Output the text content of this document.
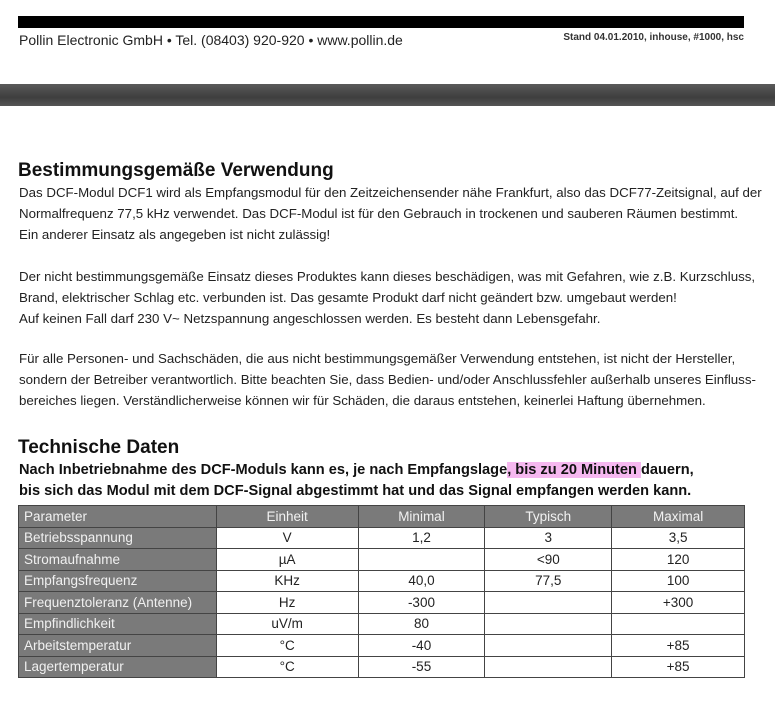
Pollin Electronic GmbH • Tel. (08403) 920-920 • www.pollin.de	Stand 04.01.2010, inhouse, #1000, hsc
Bestimmungsgemäße Verwendung
Das DCF-Modul DCF1 wird als Empfangsmodul für den Zeitzeichensender nähe Frankfurt, also das DCF77-Zeitsignal, auf der
Normalfrequenz 77,5 kHz verwendet. Das DCF-Modul ist für den Gebrauch in trockenen und sauberen Räumen bestimmt.
Ein anderer Einsatz als angegeben ist nicht zulässig!
Der nicht bestimmungsgemäße Einsatz dieses Produktes kann dieses beschädigen, was mit Gefahren, wie z.B. Kurzschluss,
Brand, elektrischer Schlag etc. verbunden ist. Das gesamte Produkt darf nicht geändert bzw. umgebaut werden!
Auf keinen Fall darf 230 V~ Netzspannung angeschlossen werden. Es besteht dann Lebensgefahr.
Für alle Personen- und Sachschäden, die aus nicht bestimmungsgemäßer Verwendung entstehen, ist nicht der Hersteller,
sondern der Betreiber verantwortlich. Bitte beachten Sie, dass Bedien- und/oder Anschlussfehler außerhalb unseres Einfluss-
bereiches liegen. Verständlicherweise können wir für Schäden, die daraus entstehen, keinerlei Haftung übernehmen.
Technische Daten
Nach Inbetriebnahme des DCF-Moduls kann es, je nach Empfangslage, bis zu 20 Minuten dauern,
bis sich das Modul mit dem DCF-Signal abgestimmt hat und das Signal empfangen werden kann.
Parameter	Einheit	Minimal	Typisch	Maximal
Betriebsspannung	V	1,2	3	3,5
Stromaufnahme	µA		<90	120
Empfangsfrequenz	KHz	40,0	77,5	100
Frequenztoleranz (Antenne)	Hz	-300		+300
Empfindlichkeit	uV/m	80		
Arbeitstemperatur	°C	-40		+85
Lagertemperatur	°C	-55		+85
